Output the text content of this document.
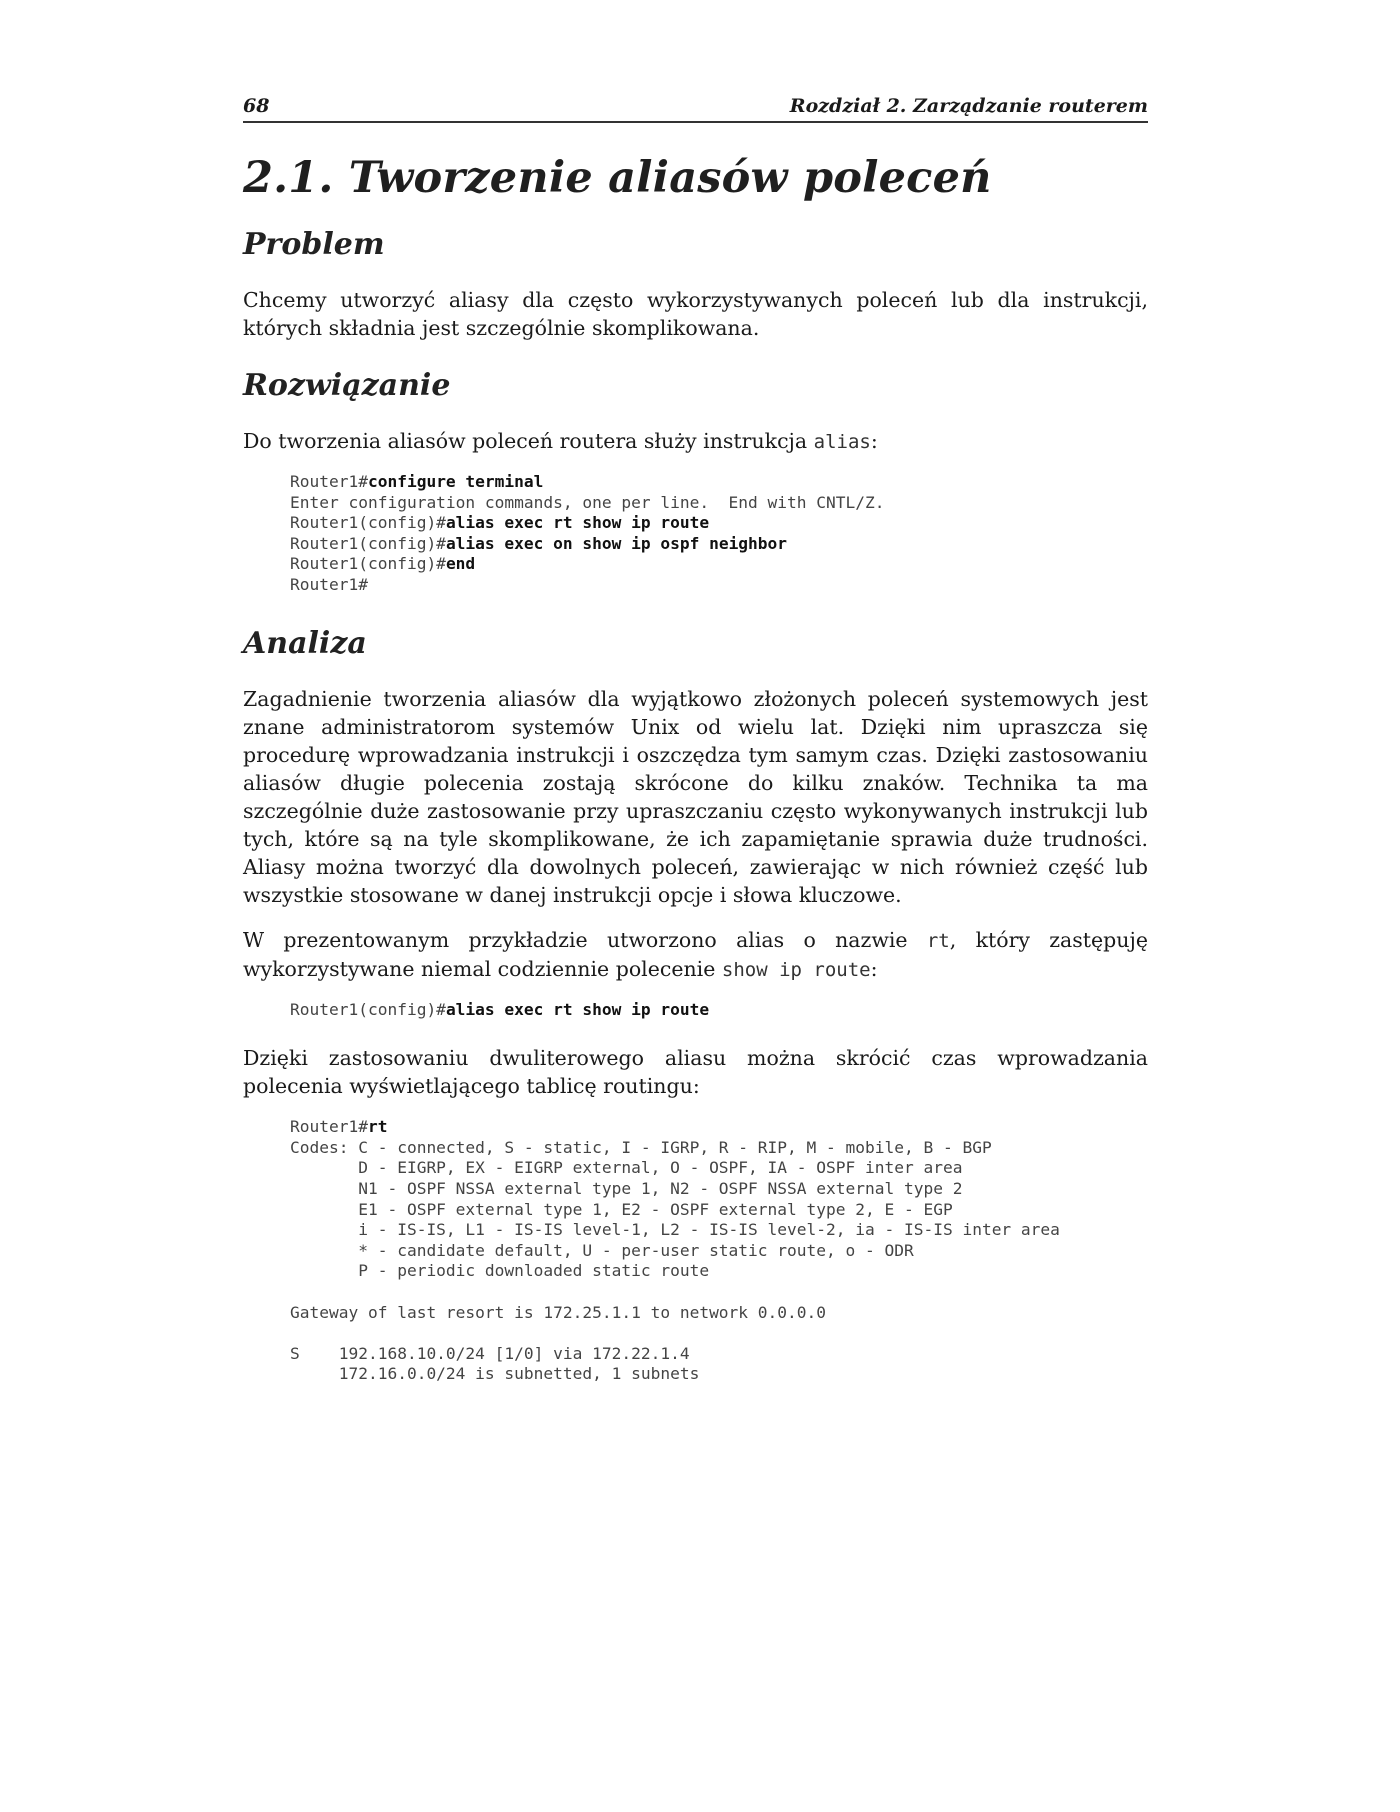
68	Rozdział 2. Zarządzanie routerem
2.1. Tworzenie aliasów poleceń
Problem

Chcemy utworzyć aliasy dla często wykorzystywanych poleceń lub dla instrukcji, których składnia jest szczególnie skomplikowana.

Rozwiązanie

Do tworzenia aliasów poleceń routera służy instrukcja alias:

Router1#configure terminal
Enter configuration commands, one per line.  End with CNTL/Z.
Router1(config)#alias exec rt show ip route
Router1(config)#alias exec on show ip ospf neighbor
Router1(config)#end
Router1#
Analiza

Zagadnienie tworzenia aliasów dla wyjątkowo złożonych poleceń systemowych jest znane administratorom systemów Unix od wielu lat. Dzięki nim upraszcza się procedurę wprowadzania instrukcji i oszczędza tym samym czas. Dzięki zastosowaniu aliasów długie polecenia zostają skrócone do kilku znaków. Technika ta ma szczególnie duże zastosowanie przy upraszczaniu często wykonywanych instrukcji lub tych, które są na tyle skomplikowane, że ich zapamiętanie sprawia duże trudności. Aliasy można tworzyć dla dowolnych poleceń, zawierając w nich również część lub wszystkie stosowane w danej instrukcji opcje i słowa kluczowe.

W prezentowanym przykładzie utworzono alias o nazwie rt, który zastępuję wykorzystywane niemal codziennie polecenie show ip route:

Router1(config)#alias exec rt show ip route

Dzięki zastosowaniu dwuliterowego aliasu można skrócić czas wprowadzania polecenia wyświetlającego tablicę routingu:

Router1#rt
Codes: C - connected, S - static, I - IGRP, R - RIP, M - mobile, B - BGP
D - EIGRP, EX - EIGRP external, O - OSPF, IA - OSPF inter area
N1 - OSPF NSSA external type 1, N2 - OSPF NSSA external type 2
E1 - OSPF external type 1, E2 - OSPF external type 2, E - EGP
i - IS-IS, L1 - IS-IS level-1, L2 - IS-IS level-2, ia - IS-IS inter area
* - candidate default, U - per-user static route, o - ODR
P - periodic downloaded static route
Gateway of last resort is 172.25.1.1 to network 0.0.0.0
S    192.168.10.0/24 [1/0] via 172.22.1.4
172.16.0.0/24 is subnetted, 1 subnets
